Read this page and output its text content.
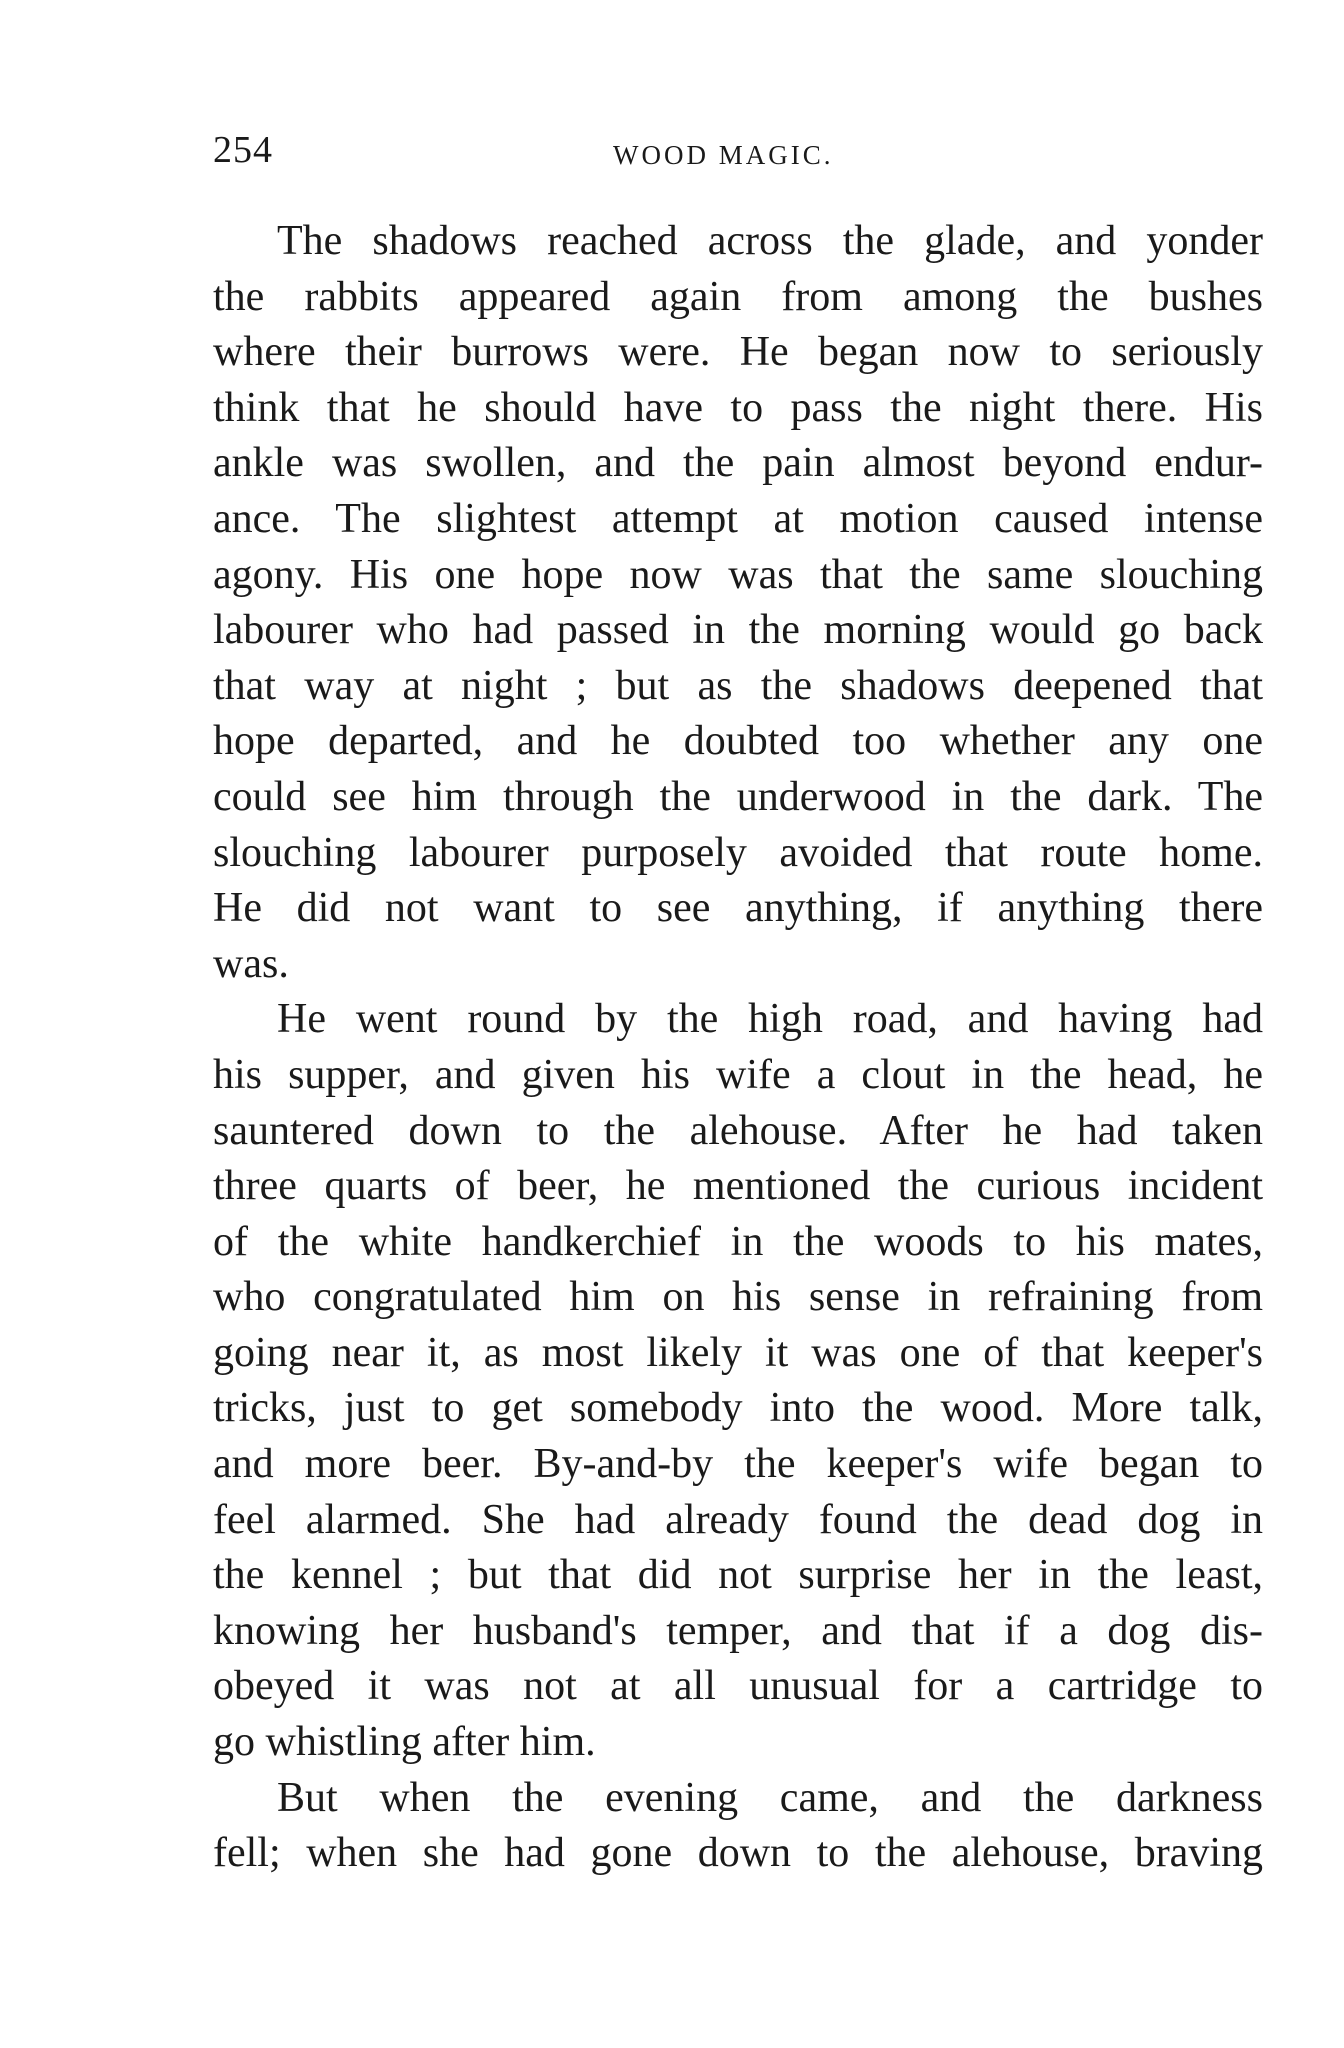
254	WOOD MAGIC.
The shadows reached across the glade, and yonder
the rabbits appeared again from among the bushes
where their burrows were. He began now to seriously
think that he should have to pass the night there. His
ankle was swollen, and the pain almost beyond endur-
ance. The slightest attempt at motion caused intense
agony. His one hope now was that the same slouching
labourer who had passed in the morning would go back
that way at night ; but as the shadows deepened that
hope departed, and he doubted too whether any one
could see him through the underwood in the dark. The
slouching labourer purposely avoided that route home.
He did not want to see anything, if anything there
was.
He went round by the high road, and having had
his supper, and given his wife a clout in the head, he
sauntered down to the alehouse. After he had taken
three quarts of beer, he mentioned the curious incident
of the white handkerchief in the woods to his mates,
who congratulated him on his sense in refraining from
going near it, as most likely it was one of that keeper's
tricks, just to get somebody into the wood. More talk,
and more beer. By-and-by the keeper's wife began to
feel alarmed. She had already found the dead dog in
the kennel ; but that did not surprise her in the least,
knowing her husband's temper, and that if a dog dis-
obeyed it was not at all unusual for a cartridge to
go whistling after him.
But when the evening came, and the darkness
fell; when she had gone down to the alehouse, braving
